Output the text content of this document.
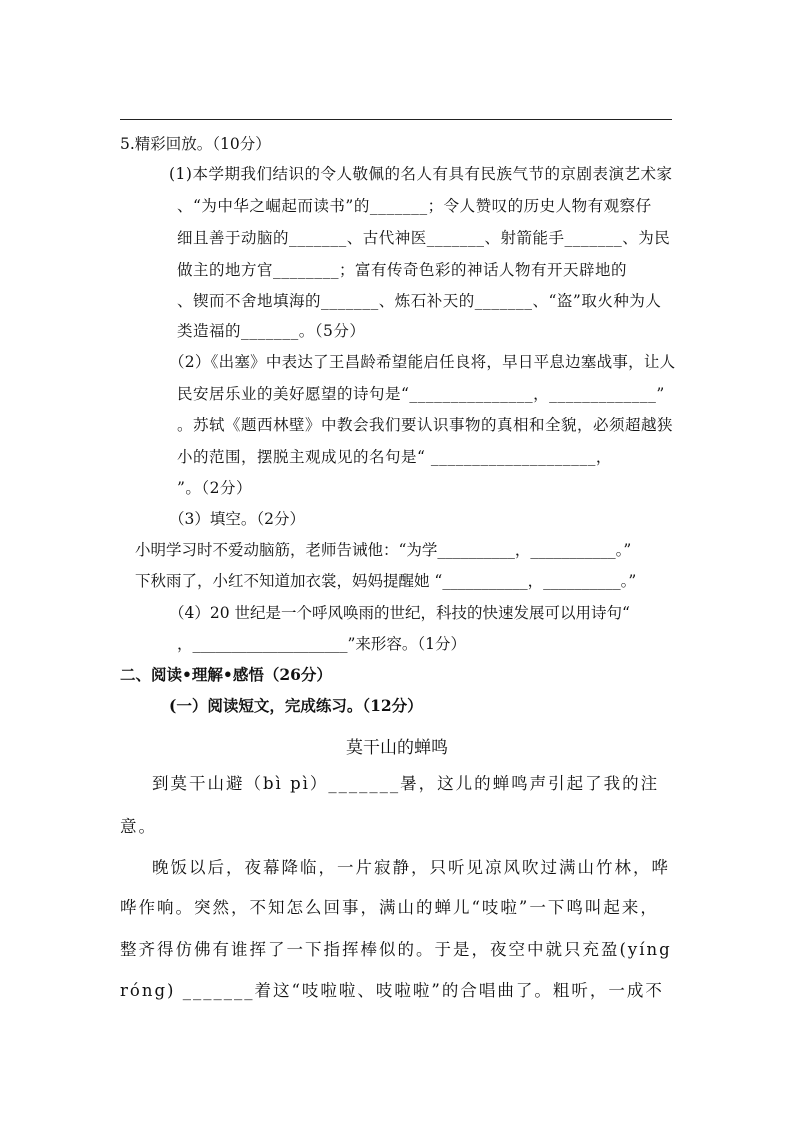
5.精彩回放。（10分）
(1)本学期我们结识的令人敬佩的名人有具有民族气节的京剧表演艺术家
、“为中华之崛起而读书”的_______；令人赞叹的历史人物有观察仔
细且善于动脑的_______、古代神医_______、射箭能手_______、为民
做主的地方官________；富有传奇色彩的神话人物有开天辟地的
、锲而不舍地填海的_______、炼石补天的_______、“盗”取火种为人
类造福的_______。（5分）
（2）《出塞》中表达了王昌龄希望能启任良将，早日平息边塞战事，让人
民安居乐业的美好愿望的诗句是“_______________，_____________”
。苏轼《题西林壁》中教会我们要认识事物的真相和全貌，必须超越狭
小的范围，摆脱主观成见的名句是“ ____________________，
”。（2分）
（3）填空。（2分）
小明学习时不爱动脑筋，老师告诫他：“为学__________，___________。”
下秋雨了，小红不知道加衣裳，妈妈提醒她 “___________，__________。”
（4）20 世纪是一个呼风唤雨的世纪，科技的快速发展可以用诗句“
，____________________”来形容。（1分）
二、阅读•理解•感悟（26分）
(一）阅读短文，完成练习。（12分）
莫干山的蝉鸣
到莫干山避（bì pì）_______暑，这儿的蝉鸣声引起了我的注
意。
晚饭以后，夜幕降临，一片寂静，只听见凉风吹过满山竹林，哗
哗作响。突然，不知怎么回事，满山的蝉儿“吱啦”一下鸣叫起来，
整齐得仿佛有谁挥了一下指挥棒似的。于是，夜空中就只充盈(yíng
róng) _______着这“吱啦啦、吱啦啦”的合唱曲了。粗听，一成不
